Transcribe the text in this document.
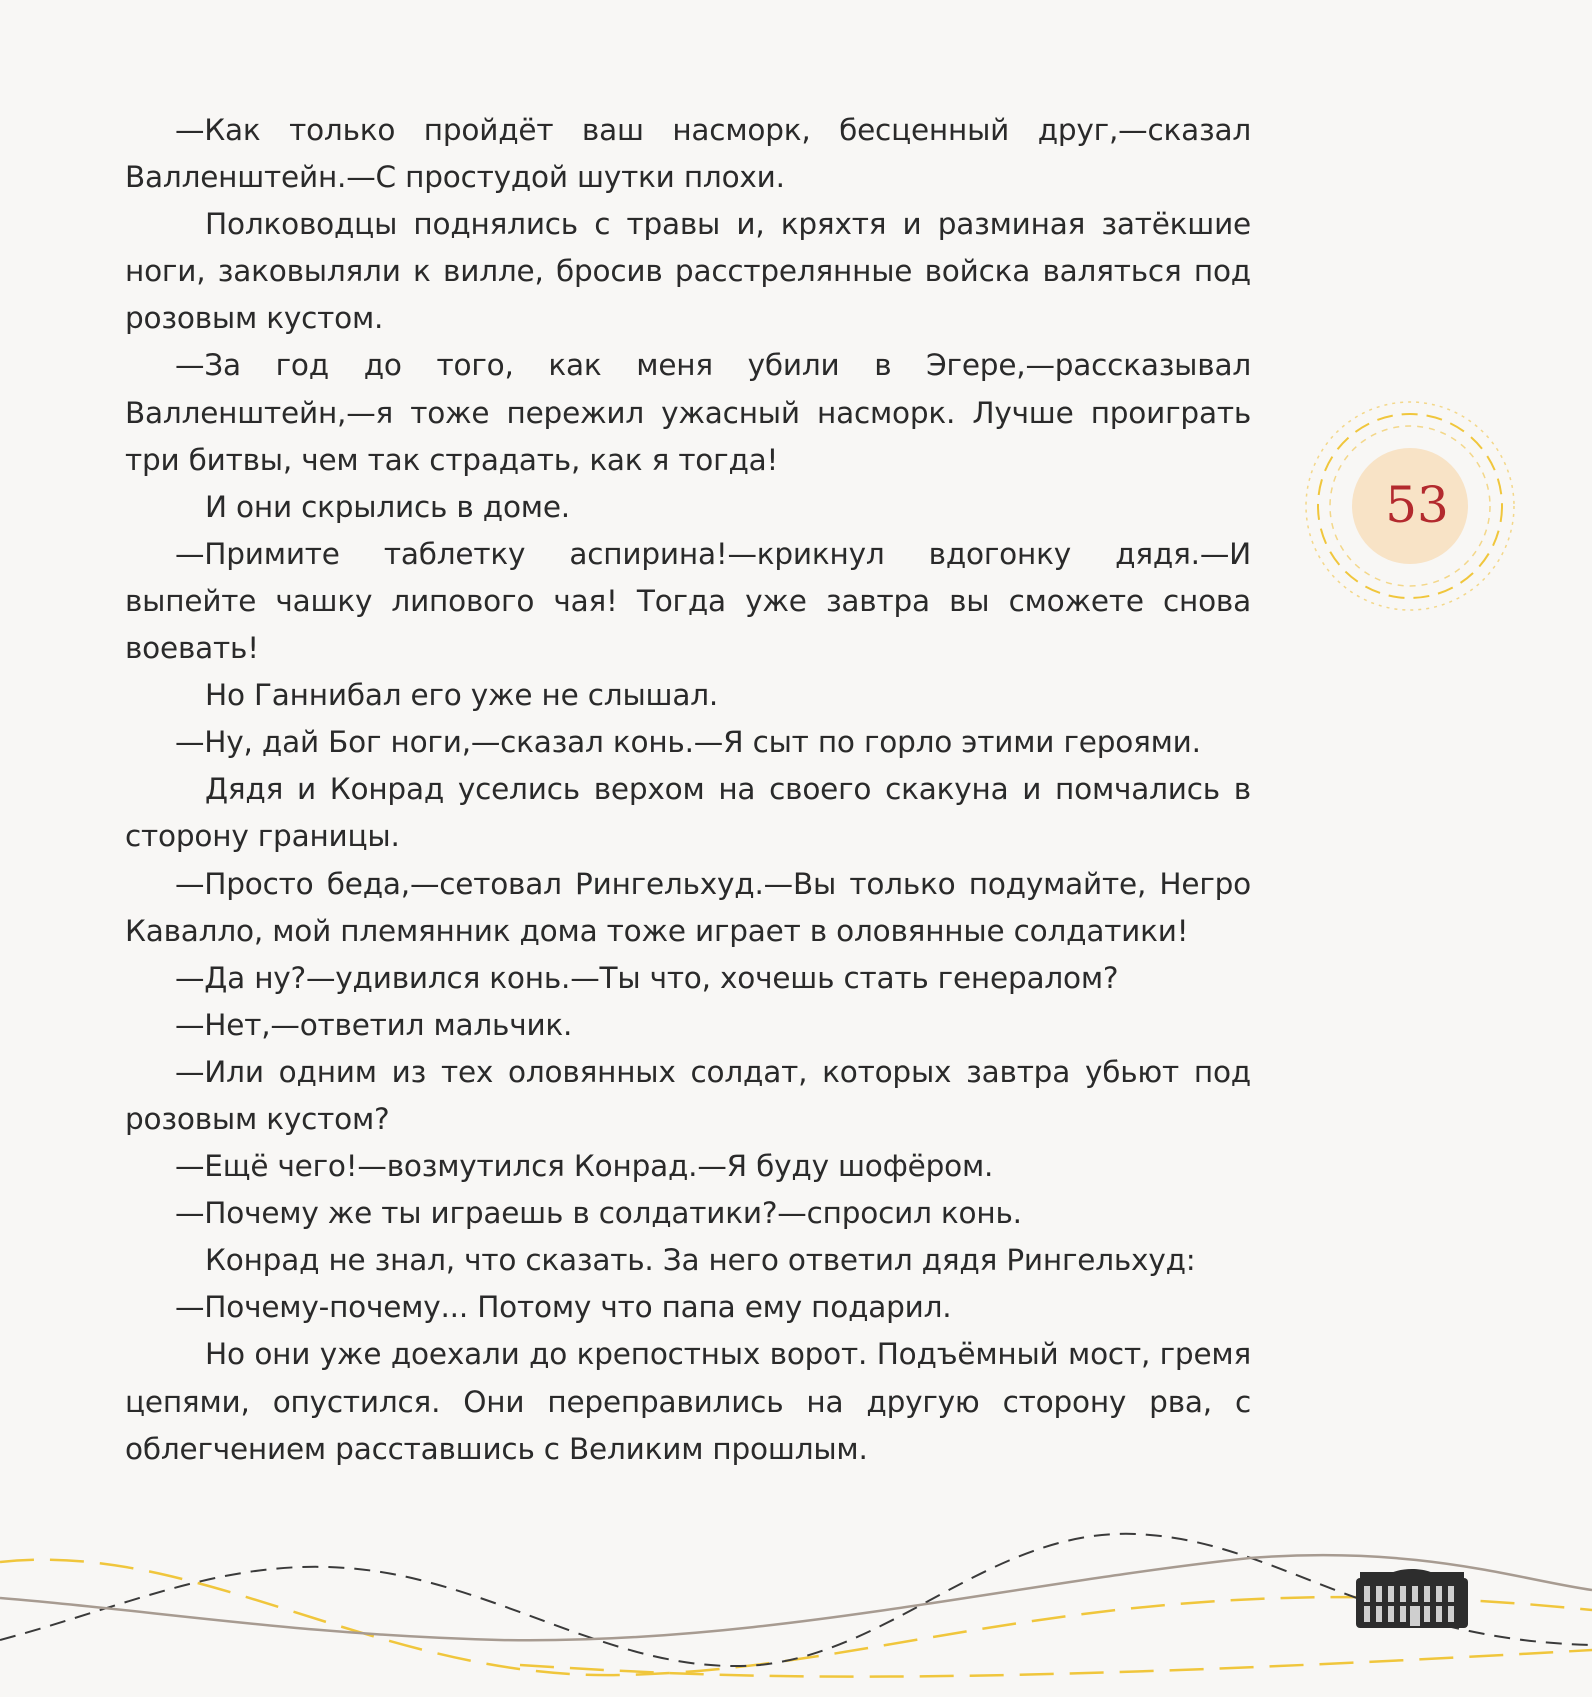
53

—Как только пройдёт ваш насморк, бесценный друг,—сказал Валленштейн.—С простудой шутки плохи.

Полководцы поднялись с травы и, кряхтя и разминая затёкшие ноги, заковыляли к вилле, бросив расстрелянные войска валяться под розовым кустом.

—За год до того, как меня убили в Эгере,—рассказывал Валленштейн,—я тоже пережил ужасный насморк. Лучше проиграть три битвы, чем так страдать, как я тогда!

И они скрылись в доме.

—Примите таблетку аспирина!—крикнул вдогонку дядя.—И выпейте чашку липового чая! Тогда уже завтра вы сможете снова воевать!

Но Ганнибал его уже не слышал.

—Ну, дай Бог ноги,—сказал конь.—Я сыт по горло этими героями.

Дядя и Конрад уселись верхом на своего скакуна и помчались в сторону границы.

—Просто беда,—сетовал Рингельхуд.—Вы только подумайте, Негро Кавалло, мой племянник дома тоже играет в оловянные солдатики!

—Да ну?—удивился конь.—Ты что, хочешь стать генералом?

—Нет,—ответил мальчик.

—Или одним из тех оловянных солдат, которых завтра убьют под розовым кустом?

—Ещё чего!—возмутился Конрад.—Я буду шофёром.

—Почему же ты играешь в солдатики?—спросил конь.

Конрад не знал, что сказать. За него ответил дядя Рингельхуд:

—Почему-почему... Потому что папа ему подарил.

Но они уже доехали до крепостных ворот. Подъёмный мост, гремя цепями, опустился. Они переправились на другую сторону рва, с облегчением расставшись с Великим прошлым.
